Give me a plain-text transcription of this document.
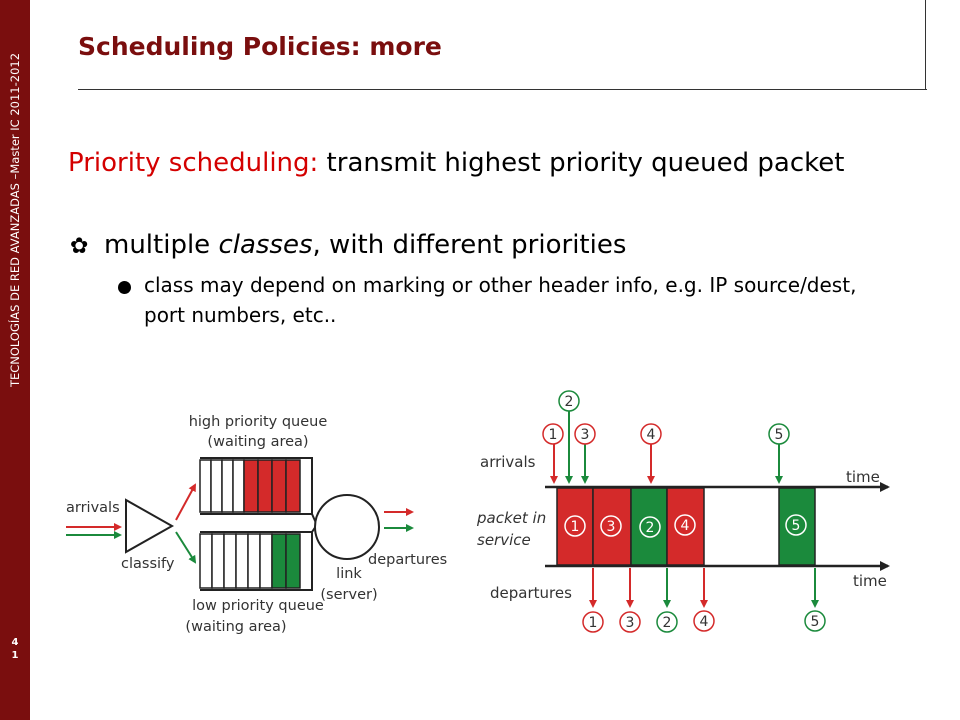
TECNOLOGÍAS DE RED AVANZADAS –Master IC 2011-2012
4
1
Scheduling Policies: more
Priority scheduling: transmit highest priority queued packet
✿ multiple classes, with different priorities
class may depend on marking or other header info, e.g. IP source/dest, port numbers, etc..
high priority queue
(waiting area)
low priority queue
(waiting area)
arrivals
classify
link
(server)
departures
time
time
arrivals
packet in
service
departures
1 3 2 4	5
1
2
3	4	5
1 3 2 4	5
